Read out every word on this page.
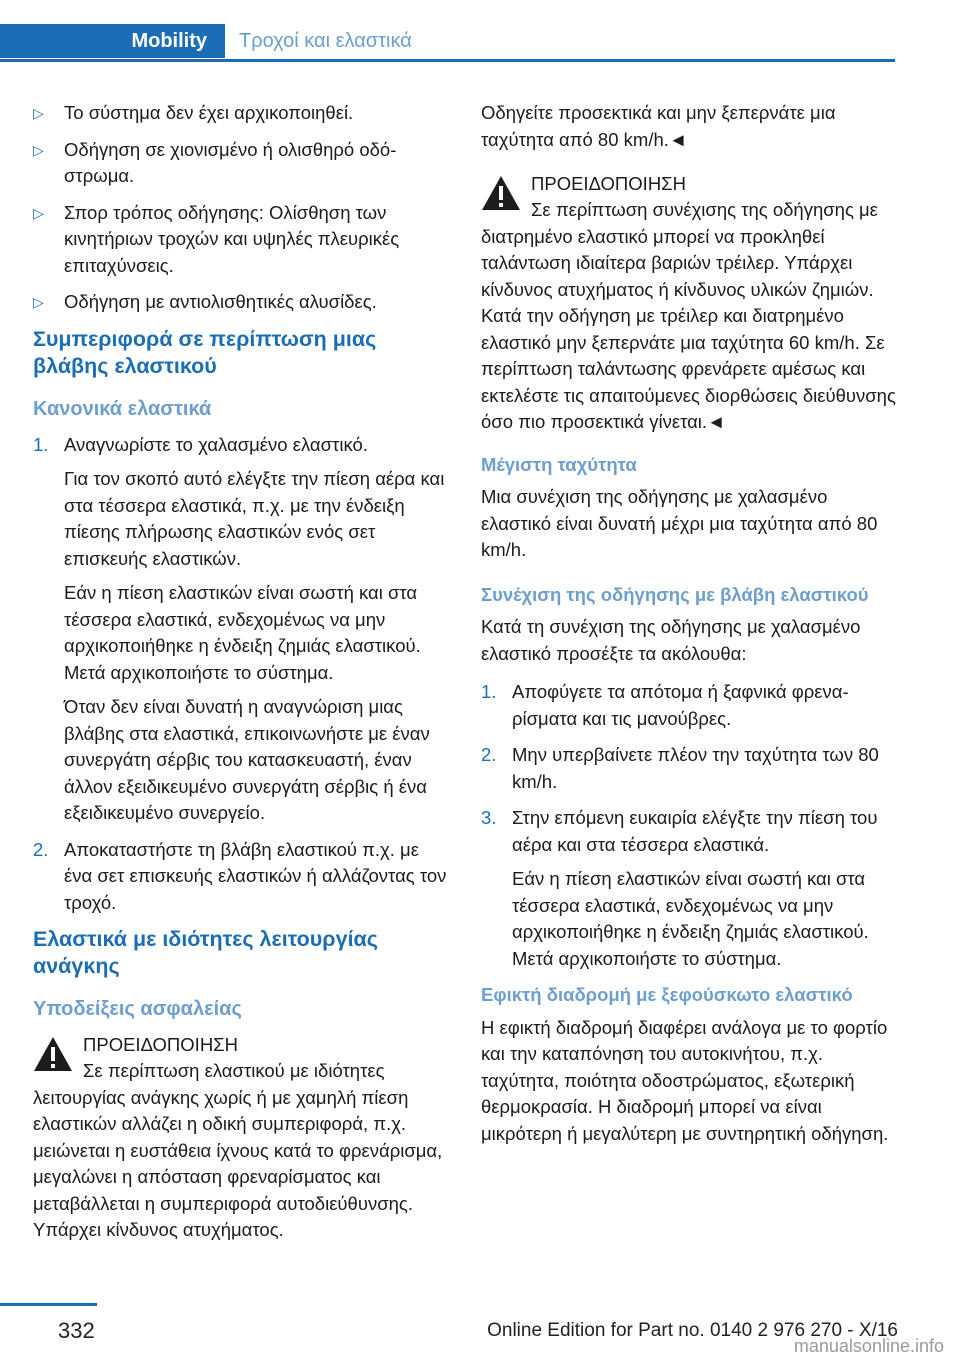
Mobility	Τροχοί και ελαστικά
▷ Το σύστημα δεν έχει αρχικοποιηθεί.
▷ Οδήγηση σε χιονισμένο ή ολισθηρό οδόστρωμα.
▷ Σπορ τρόπος οδήγησης: Ολίσθηση των κινητήριων τροχών και υψηλές πλευρικές επιταχύνσεις.
▷ Οδήγηση με αντιολισθητικές αλυσίδες.
Συμπεριφορά σε περίπτωση μιας βλάβης ελαστικού
Κανονικά ελαστικά
1. Αναγνωρίστε το χαλασμένο ελαστικό.

Για τον σκοπό αυτό ελέγξτε την πίεση αέρα και στα τέσσερα ελαστικά, π.χ. με την ένδειξη πίεσης πλήρωσης ελαστικών ενός σετ επισκευής ελαστικών.

Εάν η πίεση ελαστικών είναι σωστή και στα τέσσερα ελαστικά, ενδεχομένως να μην αρχικοποιήθηκε η ένδειξη ζημιάς ελαστικού. Μετά αρχικοποιήστε το σύστημα.

Όταν δεν είναι δυνατή η αναγνώριση μιας βλάβης στα ελαστικά, επικοινωνήστε με έναν συνεργάτη σέρβις του κατασκευαστή, έναν άλλον εξειδικευμένο συνεργάτη σέρβις ή ένα εξειδικευμένο συνεργείο.

2. Αποκαταστήστε τη βλάβη ελαστικού π.χ. με ένα σετ επισκευής ελαστικών ή αλλάζοντας τον τροχό.

Ελαστικά με ιδιότητες λειτουργίας ανάγκης
Υποδείξεις ασφαλείας
ΠΡΟΕΙΔΟΠΟΙΗΣΗ

Σε περίπτωση ελαστικού με ιδιότητες λειτουργίας ανάγκης χωρίς ή με χαμηλή πίεση ελαστικών αλλάζει η οδική συμπεριφορά, π.χ. μειώνεται η ευστάθεια ίχνους κατά το φρενάρισμα, μεγαλώνει η απόσταση φρεναρίσματος και μεταβάλλεται η συμπεριφορά αυτοδιεύθυνσης. Υπάρχει κίνδυνος ατυχήματος.

Οδηγείτε προσεκτικά και μην ξεπερνάτε μια ταχύτητα από 80 km/h.◄

ΠΡΟΕΙΔΟΠΟΙΗΣΗ

Σε περίπτωση συνέχισης της οδήγησης με διατρημένο ελαστικό μπορεί να προκληθεί ταλάντωση ιδιαίτερα βαριών τρέιλερ. Υπάρχει κίνδυνος ατυχήματος ή κίνδυνος υλικών ζημιών. Κατά την οδήγηση με τρέιλερ και διατρημένο ελαστικό μην ξεπερνάτε μια ταχύτητα 60 km/h. Σε περίπτωση ταλάντωσης φρενάρετε αμέσως και εκτελέστε τις απαιτούμενες διορθώσεις διεύθυνσης όσο πιο προσεκτικά γίνεται.◄

Μέγιστη ταχύτητα

Μια συνέχιση της οδήγησης με χαλασμένο ελαστικό είναι δυνατή μέχρι μια ταχύτητα από 80 km/h.

Συνέχιση της οδήγησης με βλάβη ελαστικού

Κατά τη συνέχιση της οδήγησης με χαλασμένο ελαστικό προσέξτε τα ακόλουθα:

1. Αποφύγετε τα απότομα ή ξαφνικά φρεναρίσματα και τις μανούβρες.

2. Μην υπερβαίνετε πλέον την ταχύτητα των 80 km/h.

3. Στην επόμενη ευκαιρία ελέγξτε την πίεση του αέρα και στα τέσσερα ελαστικά.

Εάν η πίεση ελαστικών είναι σωστή και στα τέσσερα ελαστικά, ενδεχομένως να μην αρχικοποιήθηκε η ένδειξη ζημιάς ελαστικού. Μετά αρχικοποιήστε το σύστημα.

Εφικτή διαδρομή με ξεφούσκωτο ελαστικό

Η εφικτή διαδρομή διαφέρει ανάλογα με το φορτίο και την καταπόνηση του αυτοκινήτου, π.χ. ταχύτητα, ποιότητα οδοστρώματος, εξωτερική θερμοκρασία. Η διαδρομή μπορεί να είναι μικρότερη ή μεγαλύτερη με συντηρητική οδήγηση.

332	Online Edition for Part no. 0140 2 976 270 - X/16
manualsonline.info
